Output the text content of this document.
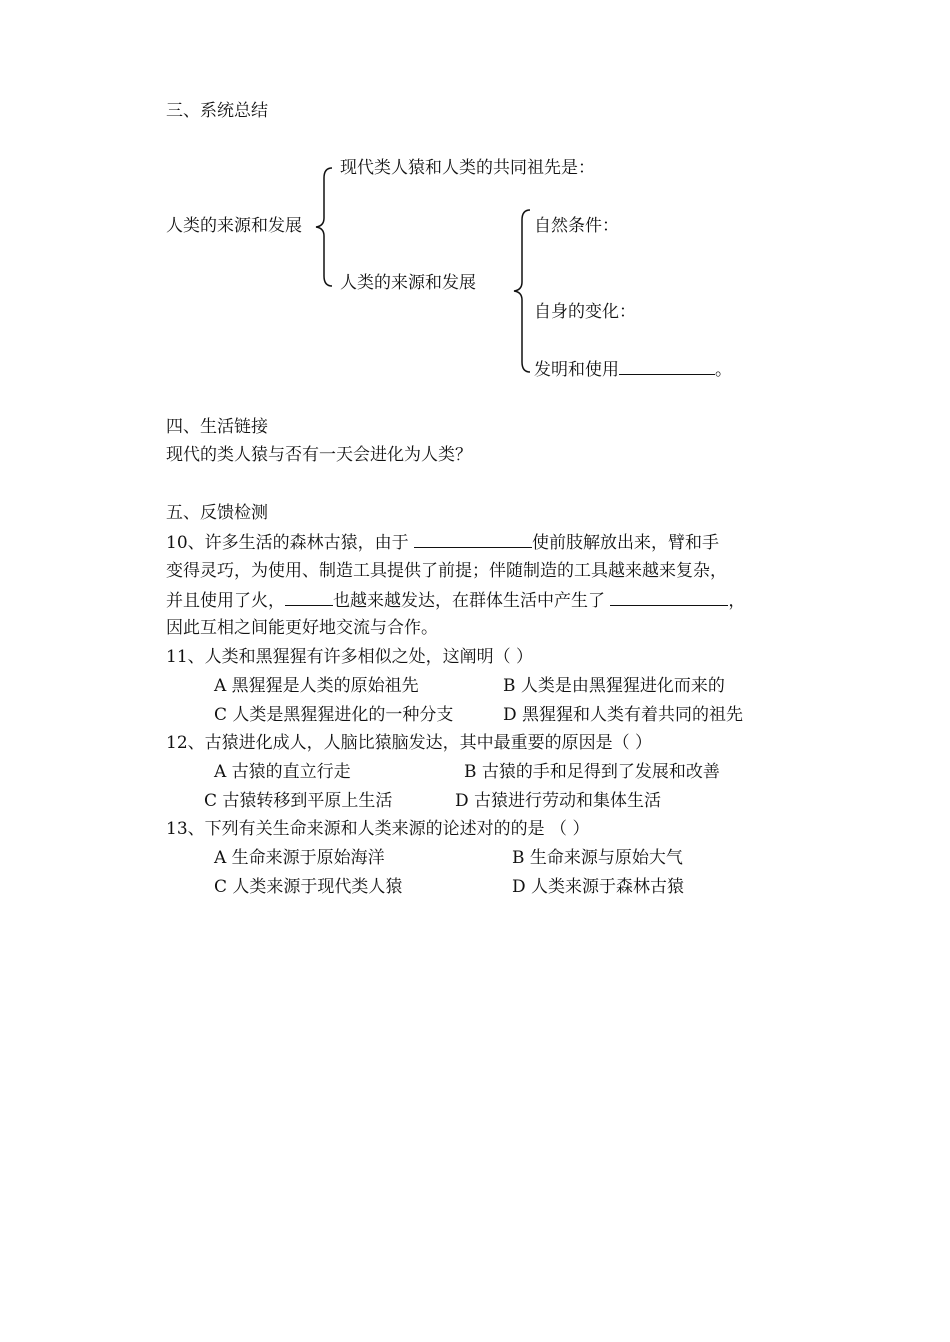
三、系统总结
人类的来源和发展
现代类人猿和人类的共同祖先是：
人类的来源和发展
自然条件：
自身的变化：
发明和使用	。
四、生活链接
现代的类人猿与否有一天会进化为人类？
五、反馈检测
10、许多生活的森林古猿，由于	使前肢解放出来，臂和手
变得灵巧，为使用、制造工具提供了前提；伴随制造的工具越来越来复杂，
并且使用了火，	也越来越发达，在群体生活中产生了	，
因此互相之间能更好地交流与合作。
11、人类和黑猩猩有许多相似之处，这阐明（ ）
A 黑猩猩是人类的原始祖先	B 人类是由黑猩猩进化而来的
C 人类是黑猩猩进化的一种分支	D 黑猩猩和人类有着共同的祖先
12、古猿进化成人，人脑比猿脑发达，其中最重要的原因是（ ）
A 古猿的直立行走	B 古猿的手和足得到了发展和改善
C 古猿转移到平原上生活	D 古猿进行劳动和集体生活
13、下列有关生命来源和人类来源的论述对的的是 （ ）
A 生命来源于原始海洋	B 生命来源与原始大气
C 人类来源于现代类人猿	D 人类来源于森林古猿
